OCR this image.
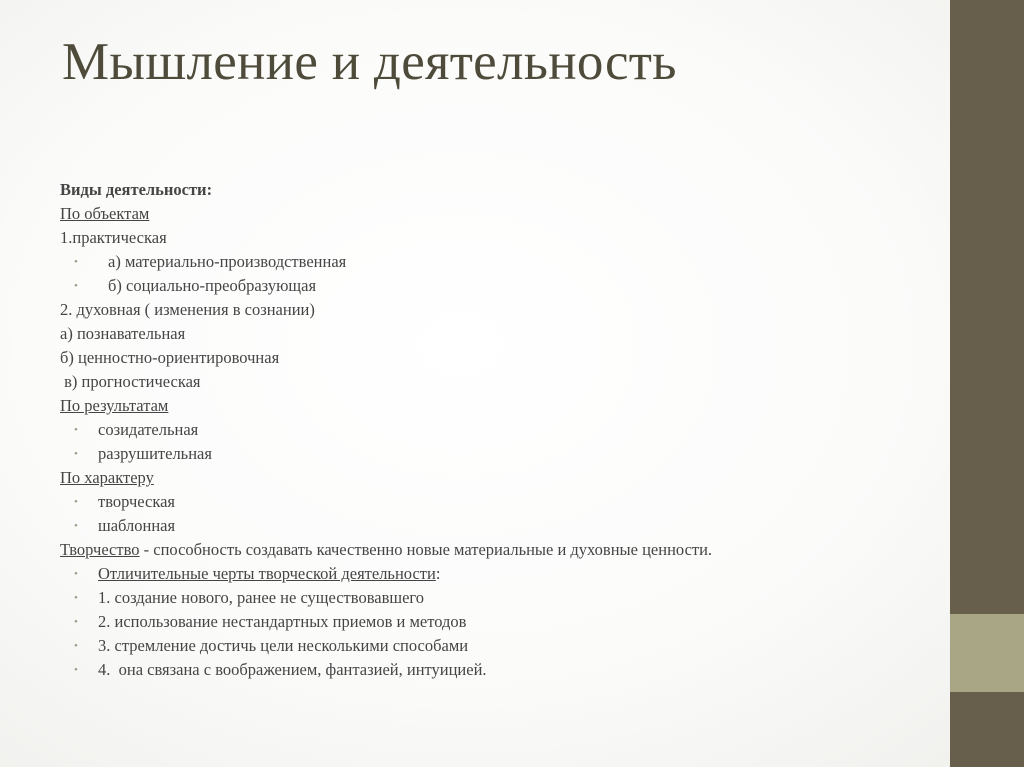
Мышление и деятельность
Виды деятельности:
По объектам
1.практическая
• а) материально-производственная
• б) социально-преобразующая
2. духовная ( изменения в сознании)
а) познавательная
б) ценностно-ориентировочная
в) прогностическая
По результатам
• созидательная
• разрушительная
По характеру
• творческая
• шаблонная
Творчество - способность создавать качественно новые материальные и духовные ценности.
• Отличительные черты творческой деятельности:
• 1. создание нового, ранее не существовавшего
• 2. использование нестандартных приемов и методов
• 3. стремление достичь цели несколькими способами
• 4.  она связана с воображением, фантазией, интуицией.
